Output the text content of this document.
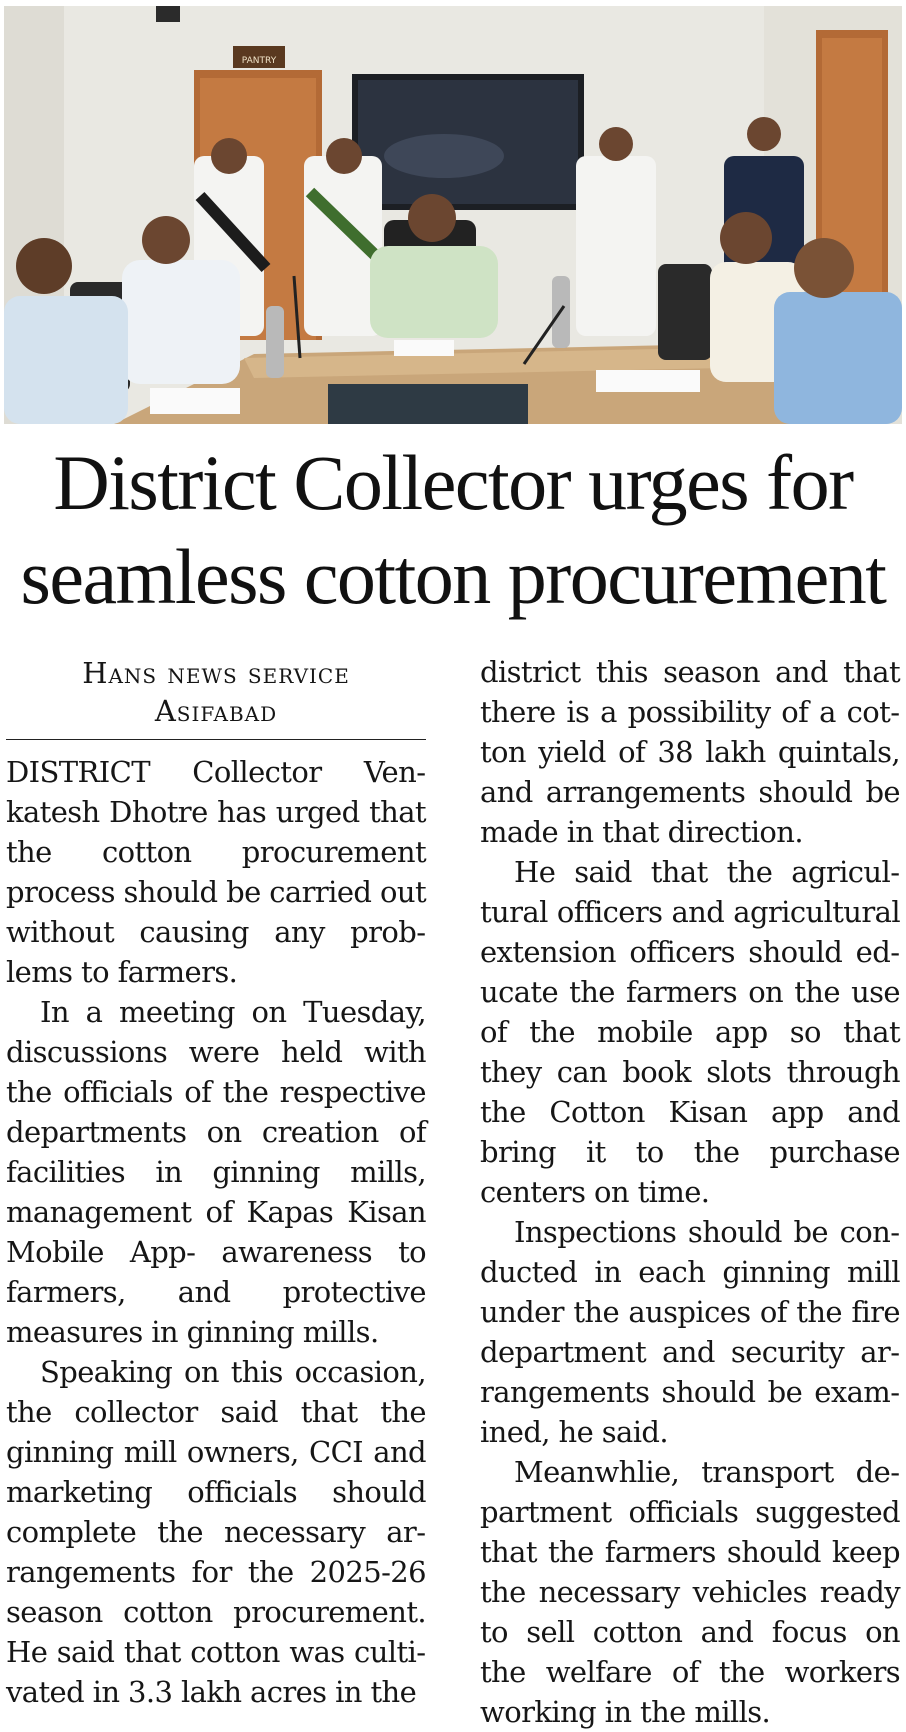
PANTRY
District Collector urges for
seamless cotton procurement
Hans news service
Asifabad

DISTRICT Collector Venkatesh Dhotre has urged that the cotton procurement process should be carried out without causing any problems to farmers.

In a meeting on Tuesday, discussions were held with the officials of the respective departments on creation of facilities in ginning mills, management of Kapas Kisan Mobile App- awareness to farmers, and protective measures in ginning mills.

Speaking on this occasion, the collector said that the ginning mill owners, CCI and marketing officials should complete the necessary arrangements for the 2025-26 season cotton procurement. He said that cotton was cultivated in 3.3 lakh acres in the

district this season and that there is a possibility of a cotton yield of 38 lakh quintals, and arrangements should be made in that direction.

He said that the agricultural officers and agricultural extension officers should educate the farmers on the use of the mobile app so that they can book slots through the Cotton Kisan app and bring it to the purchase centers on time.

Inspections should be conducted in each ginning mill under the auspices of the fire department and security arrangements should be examined, he said.

Meanwhlie, transport department officials suggested that the farmers should keep the necessary vehicles ready to sell cotton and focus on the welfare of the workers working in the mills.
